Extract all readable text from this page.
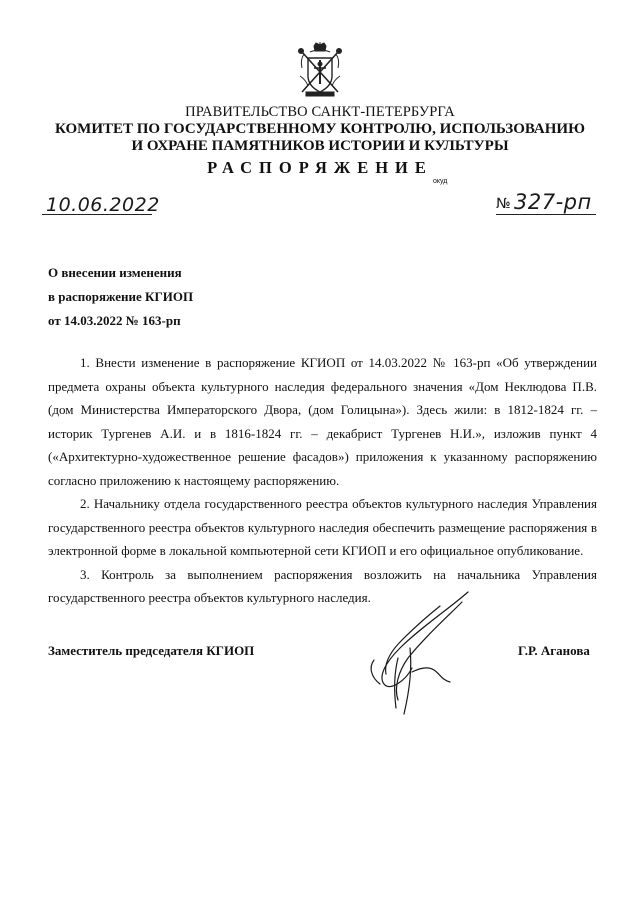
ПРАВИТЕЛЬСТВО САНКТ-ПЕТЕРБУРГА
КОМИТЕТ ПО ГОСУДАРСТВЕННОМУ КОНТРОЛЮ, ИСПОЛЬЗОВАНИЮ
И ОХРАНЕ ПАМЯТНИКОВ ИСТОРИИ И КУЛЬТУРЫ
РАСПОРЯЖЕНИЕ
окуд
10.06.2022	№ 327-рп
О внесении изменения
в распоряжение КГИОП
от 14.03.2022 № 163-рп

1. Внести изменение в распоряжение КГИОП от 14.03.2022 № 163-рп «Об утверждении предмета охраны объекта культурного наследия федерального значения «Дом Неклюдова П.В. (дом Министерства Императорского Двора, (дом Голицына»). Здесь жили: в 1812-1824 гг. – историк Тургенев А.И. и в 1816-1824 гг. – декабрист Тургенев Н.И.», изложив пункт 4 («Архитектурно-художественное решение фасадов») приложения к указанному распоряжению согласно приложению к настоящему распоряжению.

2. Начальнику отдела государственного реестра объектов культурного наследия Управления государственного реестра объектов культурного наследия обеспечить размещение распоряжения в электронной форме в локальной компьютерной сети КГИОП и его официальное опубликование.

3. Контроль за выполнением распоряжения возложить на начальника Управления государственного реестра объектов культурного наследия.

Заместитель председателя КГИОП	Г.Р. Аганова
